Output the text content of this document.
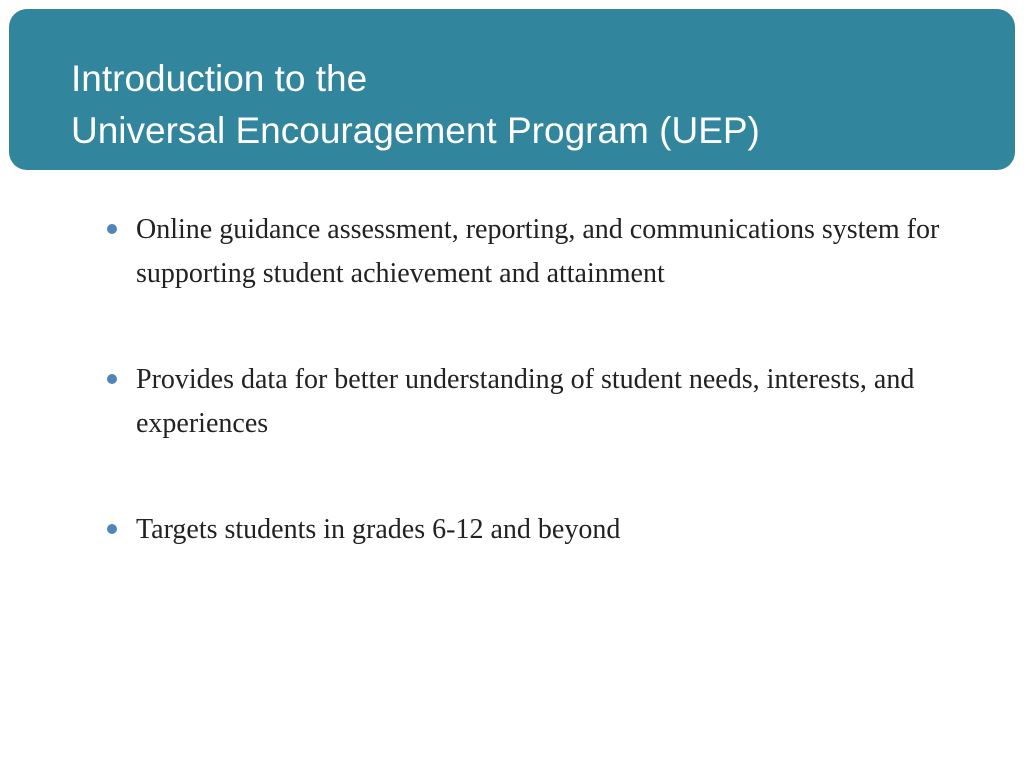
Introduction to the
Universal Encouragement Program (UEP)
Online guidance assessment, reporting, and communications system for supporting student achievement and attainment
Provides data for better understanding of student needs, interests, and experiences
Targets students in grades 6-12 and beyond
